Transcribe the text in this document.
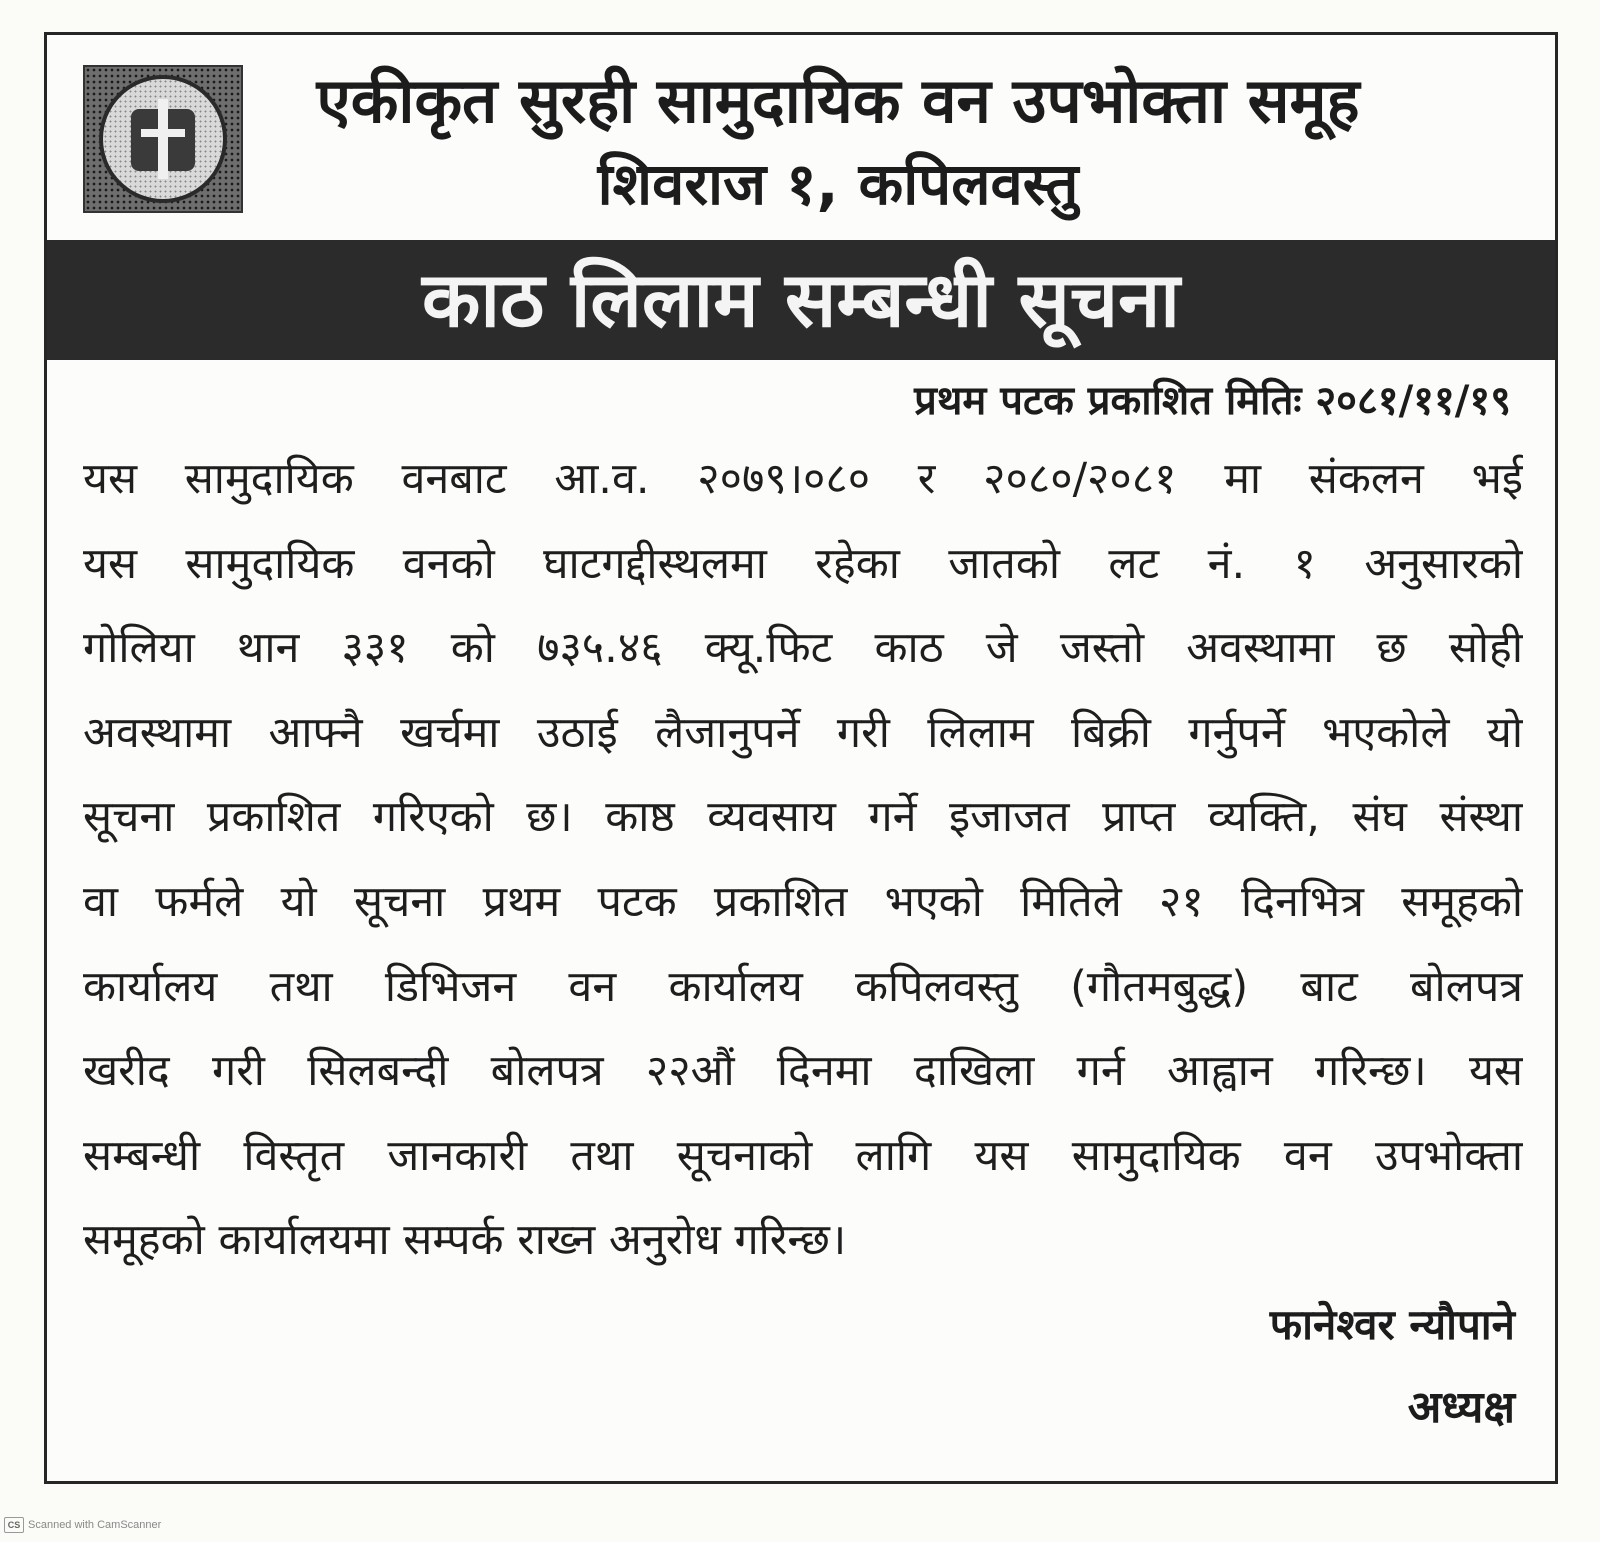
एकीकृत सुरही सामुदायिक वन उपभोक्ता समूह
शिवराज १, कपिलवस्तु
काठ लिलाम सम्बन्धी सूचना
प्रथम पटक प्रकाशित मितिः २०८१/११/१९
यस सामुदायिक वनबाट आ.व. २०७९।०८० र २०८०/२०८१ मा संकलन भई
यस सामुदायिक वनको घाटगद्दीस्थलमा रहेका जातको लट नं. १ अनुसारको
गोलिया थान ३३१ को ७३५.४६ क्यू.फिट काठ जे जस्तो अवस्थामा छ सोही
अवस्थामा आफ्नै खर्चमा उठाई लैजानुपर्ने गरी लिलाम बिक्री गर्नुपर्ने भएकोले यो
सूचना प्रकाशित गरिएको छ। काष्ठ व्यवसाय गर्ने इजाजत प्राप्त व्यक्ति, संघ संस्था
वा फर्मले यो सूचना प्रथम पटक प्रकाशित भएको मितिले २१ दिनभित्र समूहको
कार्यालय तथा डिभिजन वन कार्यालय कपिलवस्तु (गौतमबुद्ध) बाट बोलपत्र
खरीद गरी सिलबन्दी बोलपत्र २२औं दिनमा दाखिला गर्न आह्वान गरिन्छ। यस
सम्बन्धी विस्तृत जानकारी तथा सूचनाको लागि यस सामुदायिक वन उपभोक्ता
समूहको कार्यालयमा सम्पर्क राख्न अनुरोध गरिन्छ।
फानेश्वर न्यौपाने
अध्यक्ष
CS Scanned with CamScanner
